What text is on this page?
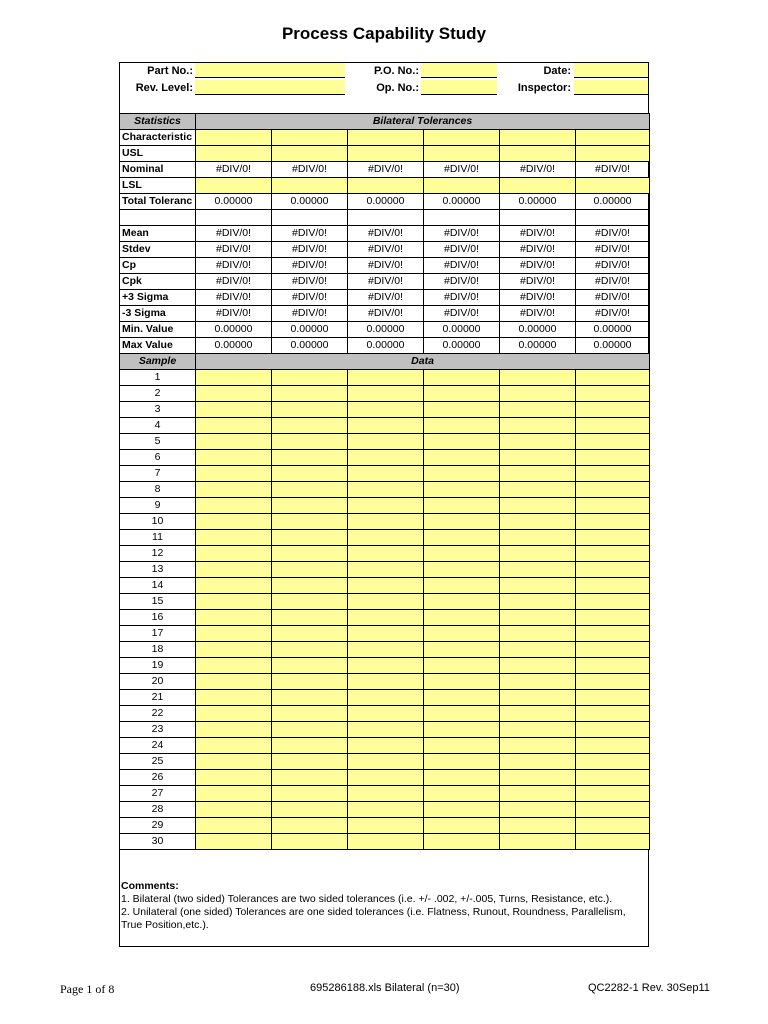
Process Capability Study
Part No.:	P.O. No.:	Date:
Rev. Level:	Op. No.:	Inspector:
Statistics	Bilateral Tolerances					
Characteristic						
USL						
Nominal	#DIV/0!	#DIV/0!	#DIV/0!	#DIV/0!	#DIV/0!	#DIV/0!
LSL						
Total Toleranc	0.00000	0.00000	0.00000	0.00000	0.00000	0.00000

Mean	#DIV/0!	#DIV/0!	#DIV/0!	#DIV/0!	#DIV/0!	#DIV/0!
Stdev	#DIV/0!	#DIV/0!	#DIV/0!	#DIV/0!	#DIV/0!	#DIV/0!
Cp	#DIV/0!	#DIV/0!	#DIV/0!	#DIV/0!	#DIV/0!	#DIV/0!
Cpk	#DIV/0!	#DIV/0!	#DIV/0!	#DIV/0!	#DIV/0!	#DIV/0!
+3 Sigma	#DIV/0!	#DIV/0!	#DIV/0!	#DIV/0!	#DIV/0!	#DIV/0!
-3 Sigma	#DIV/0!	#DIV/0!	#DIV/0!	#DIV/0!	#DIV/0!	#DIV/0!
Min. Value	0.00000	0.00000	0.00000	0.00000	0.00000	0.00000
Max Value	0.00000	0.00000	0.00000	0.00000	0.00000	0.00000
Sample	Data					
1						
2						
3						
4						
5						
6						
7						
8						
9						
10						
11						
12						
13						
14						
15						
16						
17						
18						
19						
20						
21						
22						
23						
24						
25						
26						
27						
28						
29						
30						
Comments:
1. Bilateral (two sided) Tolerances are two sided tolerances (i.e. +/- .002, +/-.005, Turns, Resistance, etc.).
2. Unilateral (one sided) Tolerances are one sided tolerances (i.e. Flatness, Runout, Roundness, Parallelism, True Position,etc.).
Page 1 of 8	695286188.xls Bilateral (n=30)	QC2282-1 Rev. 30Sep11
